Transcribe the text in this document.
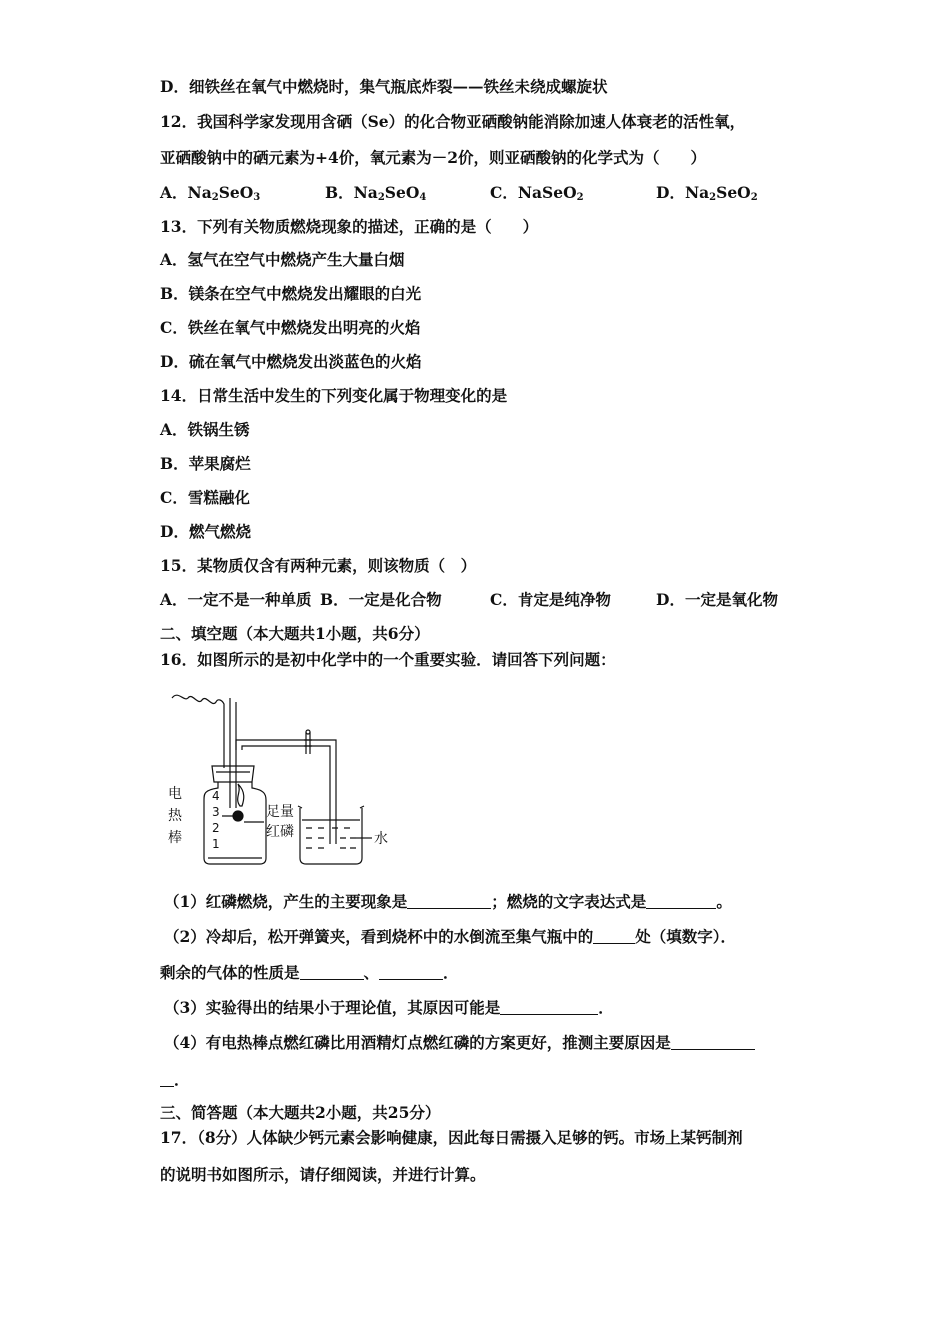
D．细铁丝在氧气中燃烧时，集气瓶底炸裂——铁丝未绕成螺旋状
12．我国科学家发现用含硒（Se）的化合物亚硒酸钠能消除加速人体衰老的活性氧，
亚硒酸钠中的硒元素为+4价，氧元素为－2价，则亚硒酸钠的化学式为（　　）
A．$Na_2SeO_3$	B．$Na_2SeO_4$	C．NaSeO$_2$	D．$Na_2SeO_2$
13．下列有关物质燃烧现象的描述，正确的是（　　）
A．氢气在空气中燃烧产生大量白烟
B．镁条在空气中燃烧发出耀眼的白光
C．铁丝在氧气中燃烧发出明亮的火焰
D．硫在氧气中燃烧发出淡蓝色的火焰
14．日常生活中发生的下列变化属于物理变化的是
A．铁锅生锈
B．苹果腐烂
C．雪糕融化
D．燃气燃烧
15．某物质仅含有两种元素，则该物质（　）
A．一定不是一种单质 B．一定是化合物	C．肯定是纯净物	D．一定是氧化物
二、填空题（本大题共1小题，共6分）
16．如图所示的是初中化学中的一个重要实验．请回答下列问题：
电
热
棒
4
3
2
1
足量
红磷	水
（1）红磷燃烧，产生的主要现象是	；燃烧的文字表达式是	。
（2）冷却后，松开弹簧夹，看到烧杯中的水倒流至集气瓶中的	处（填数字）．
剩余的气体的性质是	、	．
（3）实验得出的结果小于理论值，其原因可能是	．
（4）有电热棒点燃红磷比用酒精灯点燃红磷的方案更好，推测主要原因是
．
三、简答题（本大题共2小题，共25分）
17．（8分）人体缺少钙元素会影响健康，因此每日需摄入足够的钙。市场上某钙制剂
的说明书如图所示，请仔细阅读，并进行计算。
